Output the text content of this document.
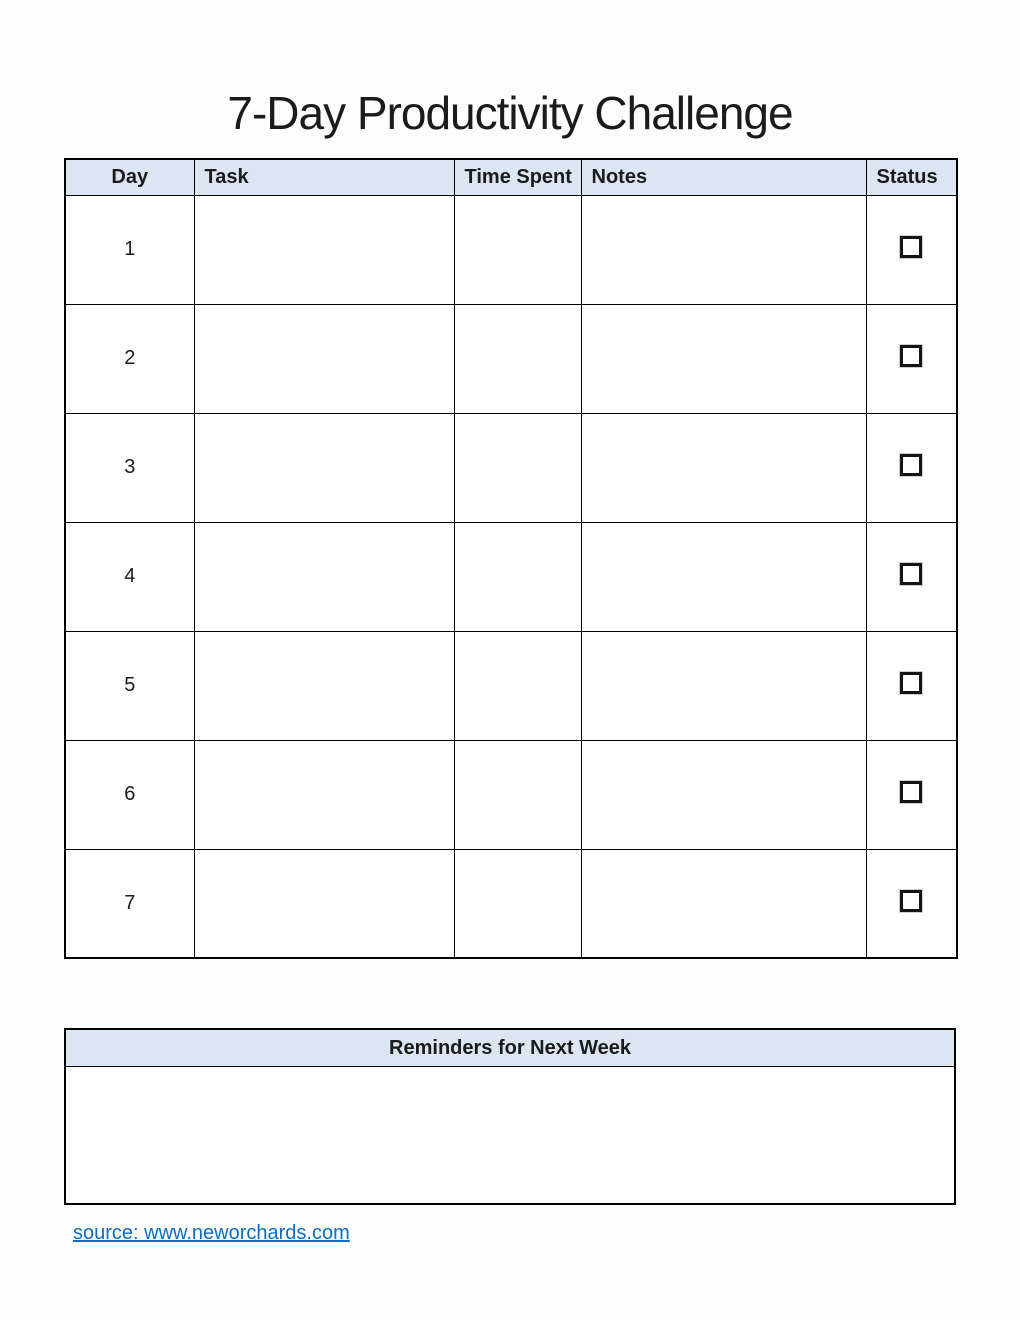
7-Day Productivity Challenge
Day	Task	Time Spent	Notes	Status
1				
2				
3				
4				
5				
6				
7				
Reminders for Next Week
source: www.neworchards.com
